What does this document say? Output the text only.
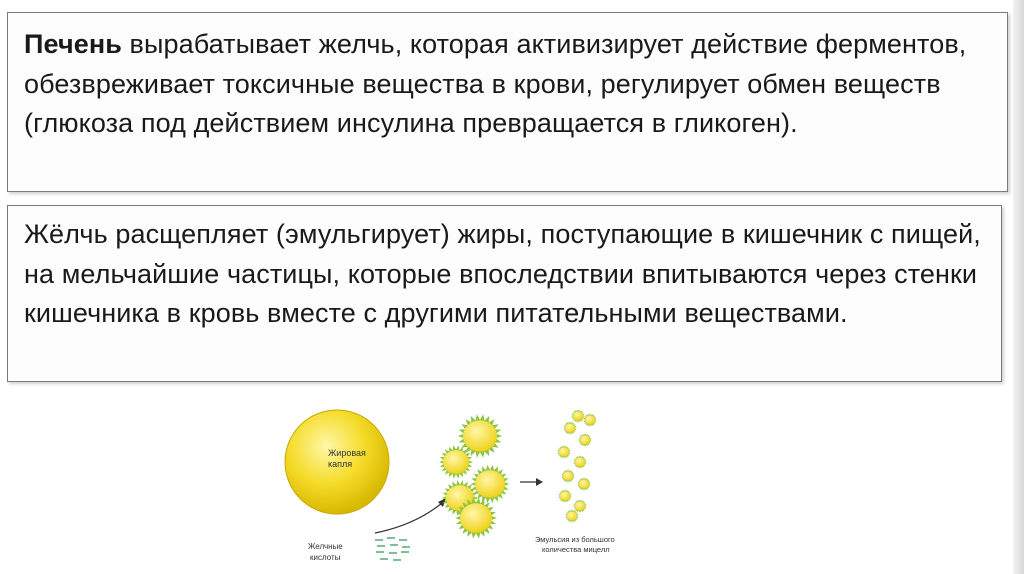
Печень вырабатывает желчь, которая активизирует действие ферментов, обезвреживает токсичные вещества в крови, регулирует обмен веществ (глюкоза под действием инсулина превращается в гликоген).
Жёлчь расщепляет (эмульгирует) жиры, поступающие в кишечник с пищей, на мельчайшие частицы, которые впоследствии впитываются через стенки кишечника в кровь вместе с другими питательными веществами.
Жировая
капля
Желчные
кислоты
Эмульсия из большого
количества мицелл
